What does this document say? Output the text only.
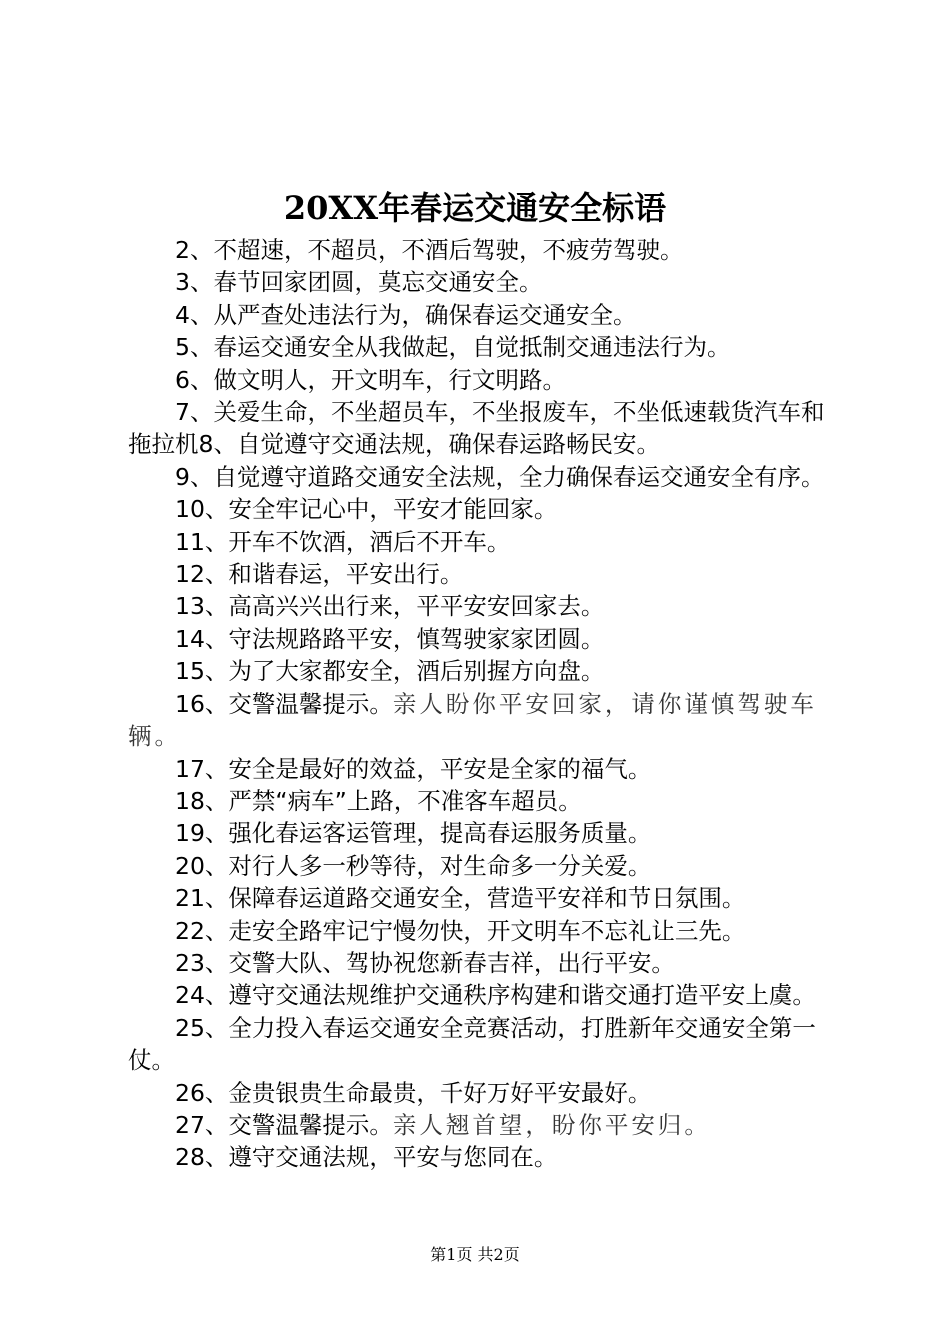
20XX年春运交通安全标语

2、不超速，不超员，不酒后驾驶，不疲劳驾驶。

3、春节回家团圆，莫忘交通安全。

4、从严查处违法行为，确保春运交通安全。

5、春运交通安全从我做起，自觉抵制交通违法行为。

6、做文明人，开文明车，行文明路。

7、关爱生命，不坐超员车，不坐报废车，不坐低速载货汽车和拖拉机8、自觉遵守交通法规，确保春运路畅民安。

9、自觉遵守道路交通安全法规，全力确保春运交通安全有序。

10、安全牢记心中，平安才能回家。

11、开车不饮酒，酒后不开车。

12、和谐春运，平安出行。

13、高高兴兴出行来，平平安安回家去。

14、守法规路路平安，慎驾驶家家团圆。

15、为了大家都安全，酒后别握方向盘。

16、交警温馨提示。亲人盼你平安回家，请你谨慎驾驶车辆。

17、安全是最好的效益，平安是全家的福气。

18、严禁“病车”上路，不准客车超员。

19、强化春运客运管理，提高春运服务质量。

20、对行人多一秒等待，对生命多一分关爱。

21、保障春运道路交通安全，营造平安祥和节日氛围。

22、走安全路牢记宁慢勿快，开文明车不忘礼让三先。

23、交警大队、驾协祝您新春吉祥，出行平安。

24、遵守交通法规维护交通秩序构建和谐交通打造平安上虞。

25、全力投入春运交通安全竞赛活动，打胜新年交通安全第一仗。

26、金贵银贵生命最贵，千好万好平安最好。

27、交警温馨提示。亲人翘首望，盼你平安归。

28、遵守交通法规，平安与您同在。

第1页 共2页
